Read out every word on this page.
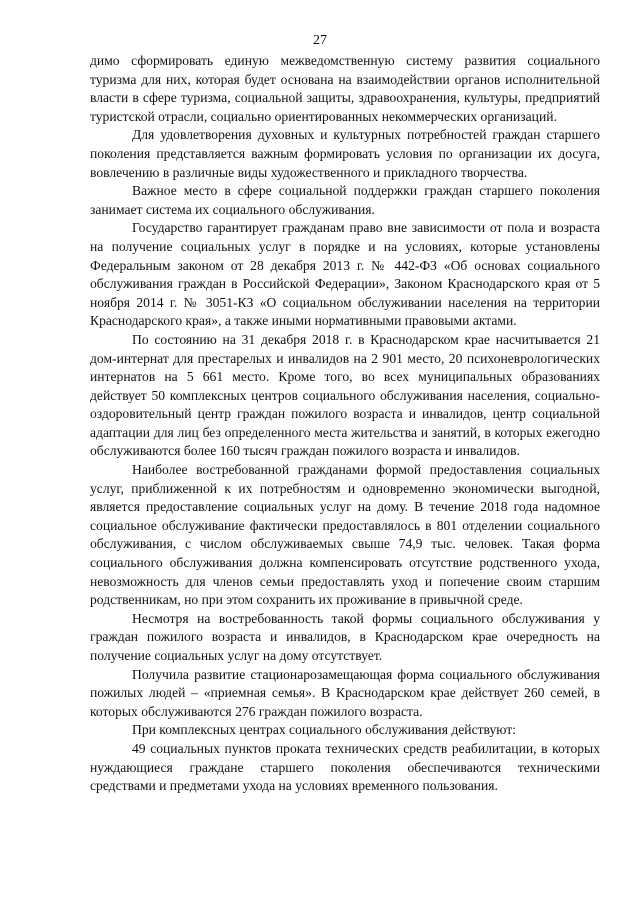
27

димо сформировать единую межведомственную систему развития социального туризма для них, которая будет основана на взаимодействии органов исполнительной власти в сфере туризма, социальной защиты, здравоохранения, культуры, предприятий туристской отрасли, социально ориентированных некоммерческих организаций.

Для удовлетворения духовных и культурных потребностей граждан старшего поколения представляется важным формировать условия по организации их досуга, вовлечению в различные виды художественного и прикладного творчества.

Важное место в сфере социальной поддержки граждан старшего поколения занимает система их социального обслуживания.

Государство гарантирует гражданам право вне зависимости от пола и возраста на получение социальных услуг в порядке и на условиях, которые установлены Федеральным законом от 28 декабря 2013 г. № 442-ФЗ «Об основах социального обслуживания граждан в Российской Федерации», Законом Краснодарского края от 5 ноября 2014 г. № 3051-КЗ «О социальном обслуживании населения на территории Краснодарского края», а также иными нормативными правовыми актами.

По состоянию на 31 декабря 2018 г. в Краснодарском крае насчитывается 21 дом-интернат для престарелых и инвалидов на 2 901 место, 20 психоневрологических интернатов на 5 661 место. Кроме того, во всех муниципальных образованиях действует 50 комплексных центров социального обслуживания населения, социально-оздоровительный центр граждан пожилого возраста и инвалидов, центр социальной адаптации для лиц без определенного места жительства и занятий, в которых ежегодно обслуживаются более 160 тысяч граждан пожилого возраста и инвалидов.

Наиболее востребованной гражданами формой предоставления социальных услуг, приближенной к их потребностям и одновременно экономически выгодной, является предоставление социальных услуг на дому. В течение 2018 года надомное социальное обслуживание фактически предоставлялось в 801 отделении социального обслуживания, с числом обслуживаемых свыше 74,9 тыс. человек. Такая форма социального обслуживания должна компенсировать отсутствие родственного ухода, невозможность для членов семьи предоставлять уход и попечение своим старшим родственникам, но при этом сохранить их проживание в привычной среде.

Несмотря на востребованность такой формы социального обслуживания у граждан пожилого возраста и инвалидов, в Краснодарском крае очередность на получение социальных услуг на дому отсутствует.

Получила развитие стационарозамещающая форма социального обслуживания пожилых людей – «приемная семья». В Краснодарском крае действует 260 семей, в которых обслуживаются 276 граждан пожилого возраста.

При комплексных центрах социального обслуживания действуют:

49 социальных пунктов проката технических средств реабилитации, в которых нуждающиеся граждане старшего поколения обеспечиваются техническими средствами и предметами ухода на условиях временного пользования.
